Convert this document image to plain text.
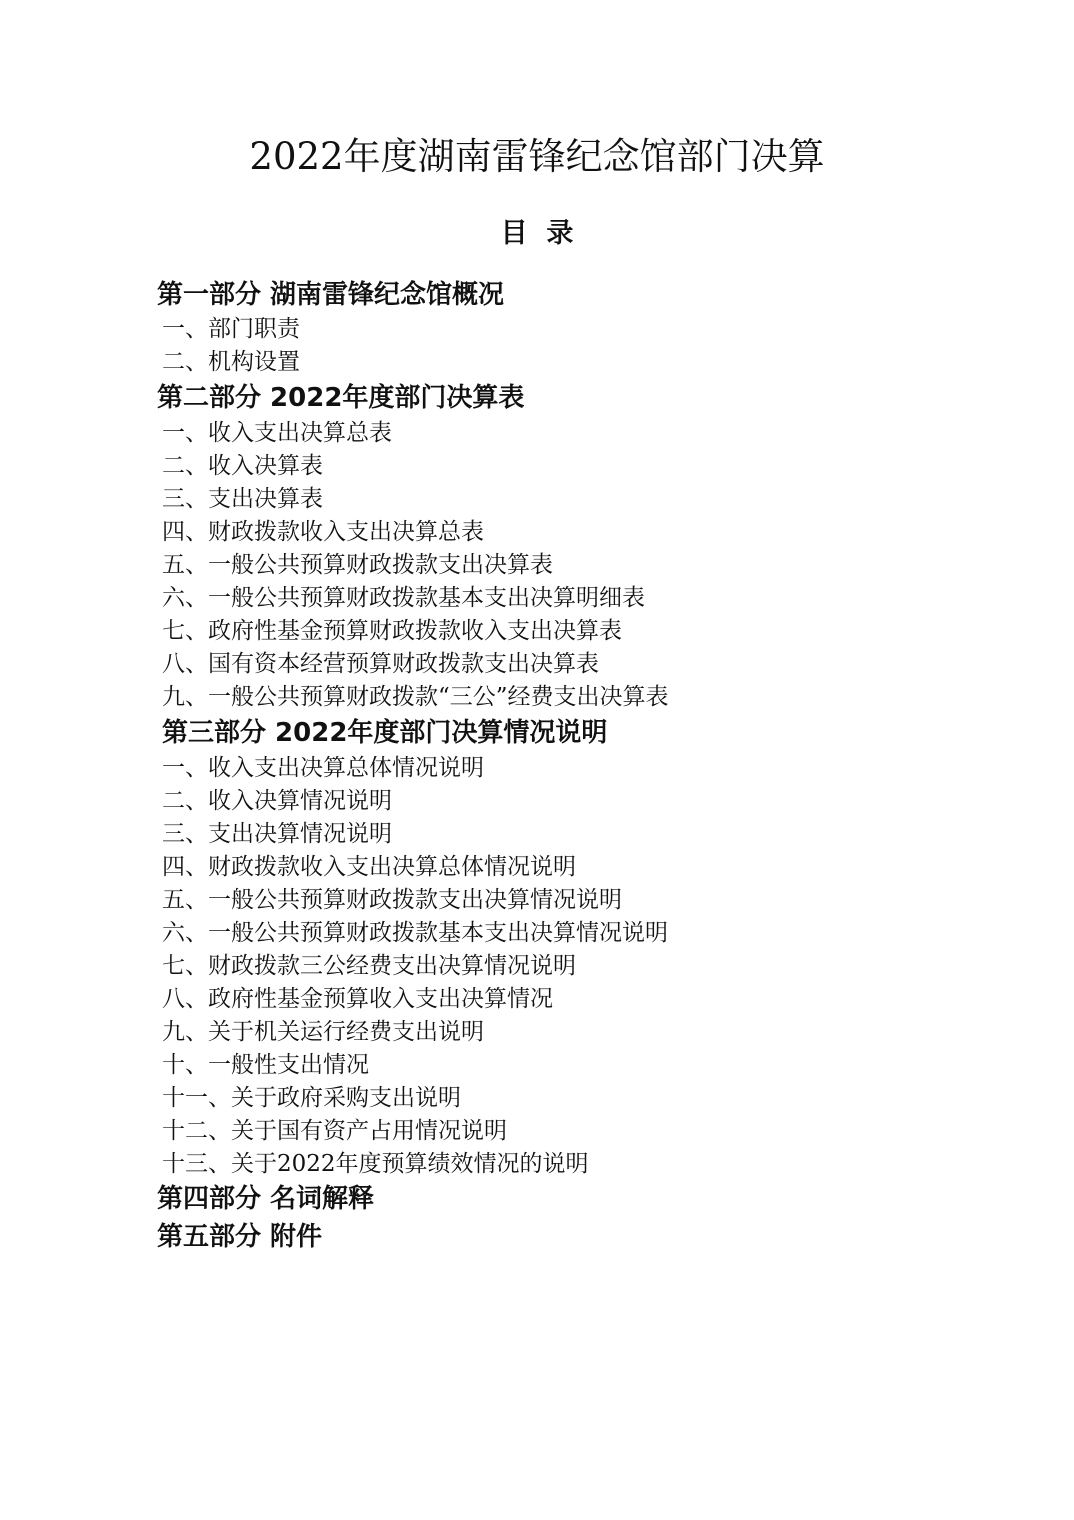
2022年度湖南雷锋纪念馆部门决算
目  录
第一部分 湖南雷锋纪念馆概况
一、部门职责
二、机构设置
第二部分 2022年度部门决算表
一、收入支出决算总表
二、收入决算表
三、支出决算表
四、财政拨款收入支出决算总表
五、一般公共预算财政拨款支出决算表
六、一般公共预算财政拨款基本支出决算明细表
七、政府性基金预算财政拨款收入支出决算表
八、国有资本经营预算财政拨款支出决算表
九、一般公共预算财政拨款“三公”经费支出决算表
第三部分 2022年度部门决算情况说明
一、收入支出决算总体情况说明
二、收入决算情况说明
三、支出决算情况说明
四、财政拨款收入支出决算总体情况说明
五、一般公共预算财政拨款支出决算情况说明
六、一般公共预算财政拨款基本支出决算情况说明
七、财政拨款三公经费支出决算情况说明
八、政府性基金预算收入支出决算情况
九、关于机关运行经费支出说明
十、一般性支出情况
十一、关于政府采购支出说明
十二、关于国有资产占用情况说明
十三、关于2022年度预算绩效情况的说明
第四部分 名词解释
第五部分 附件
